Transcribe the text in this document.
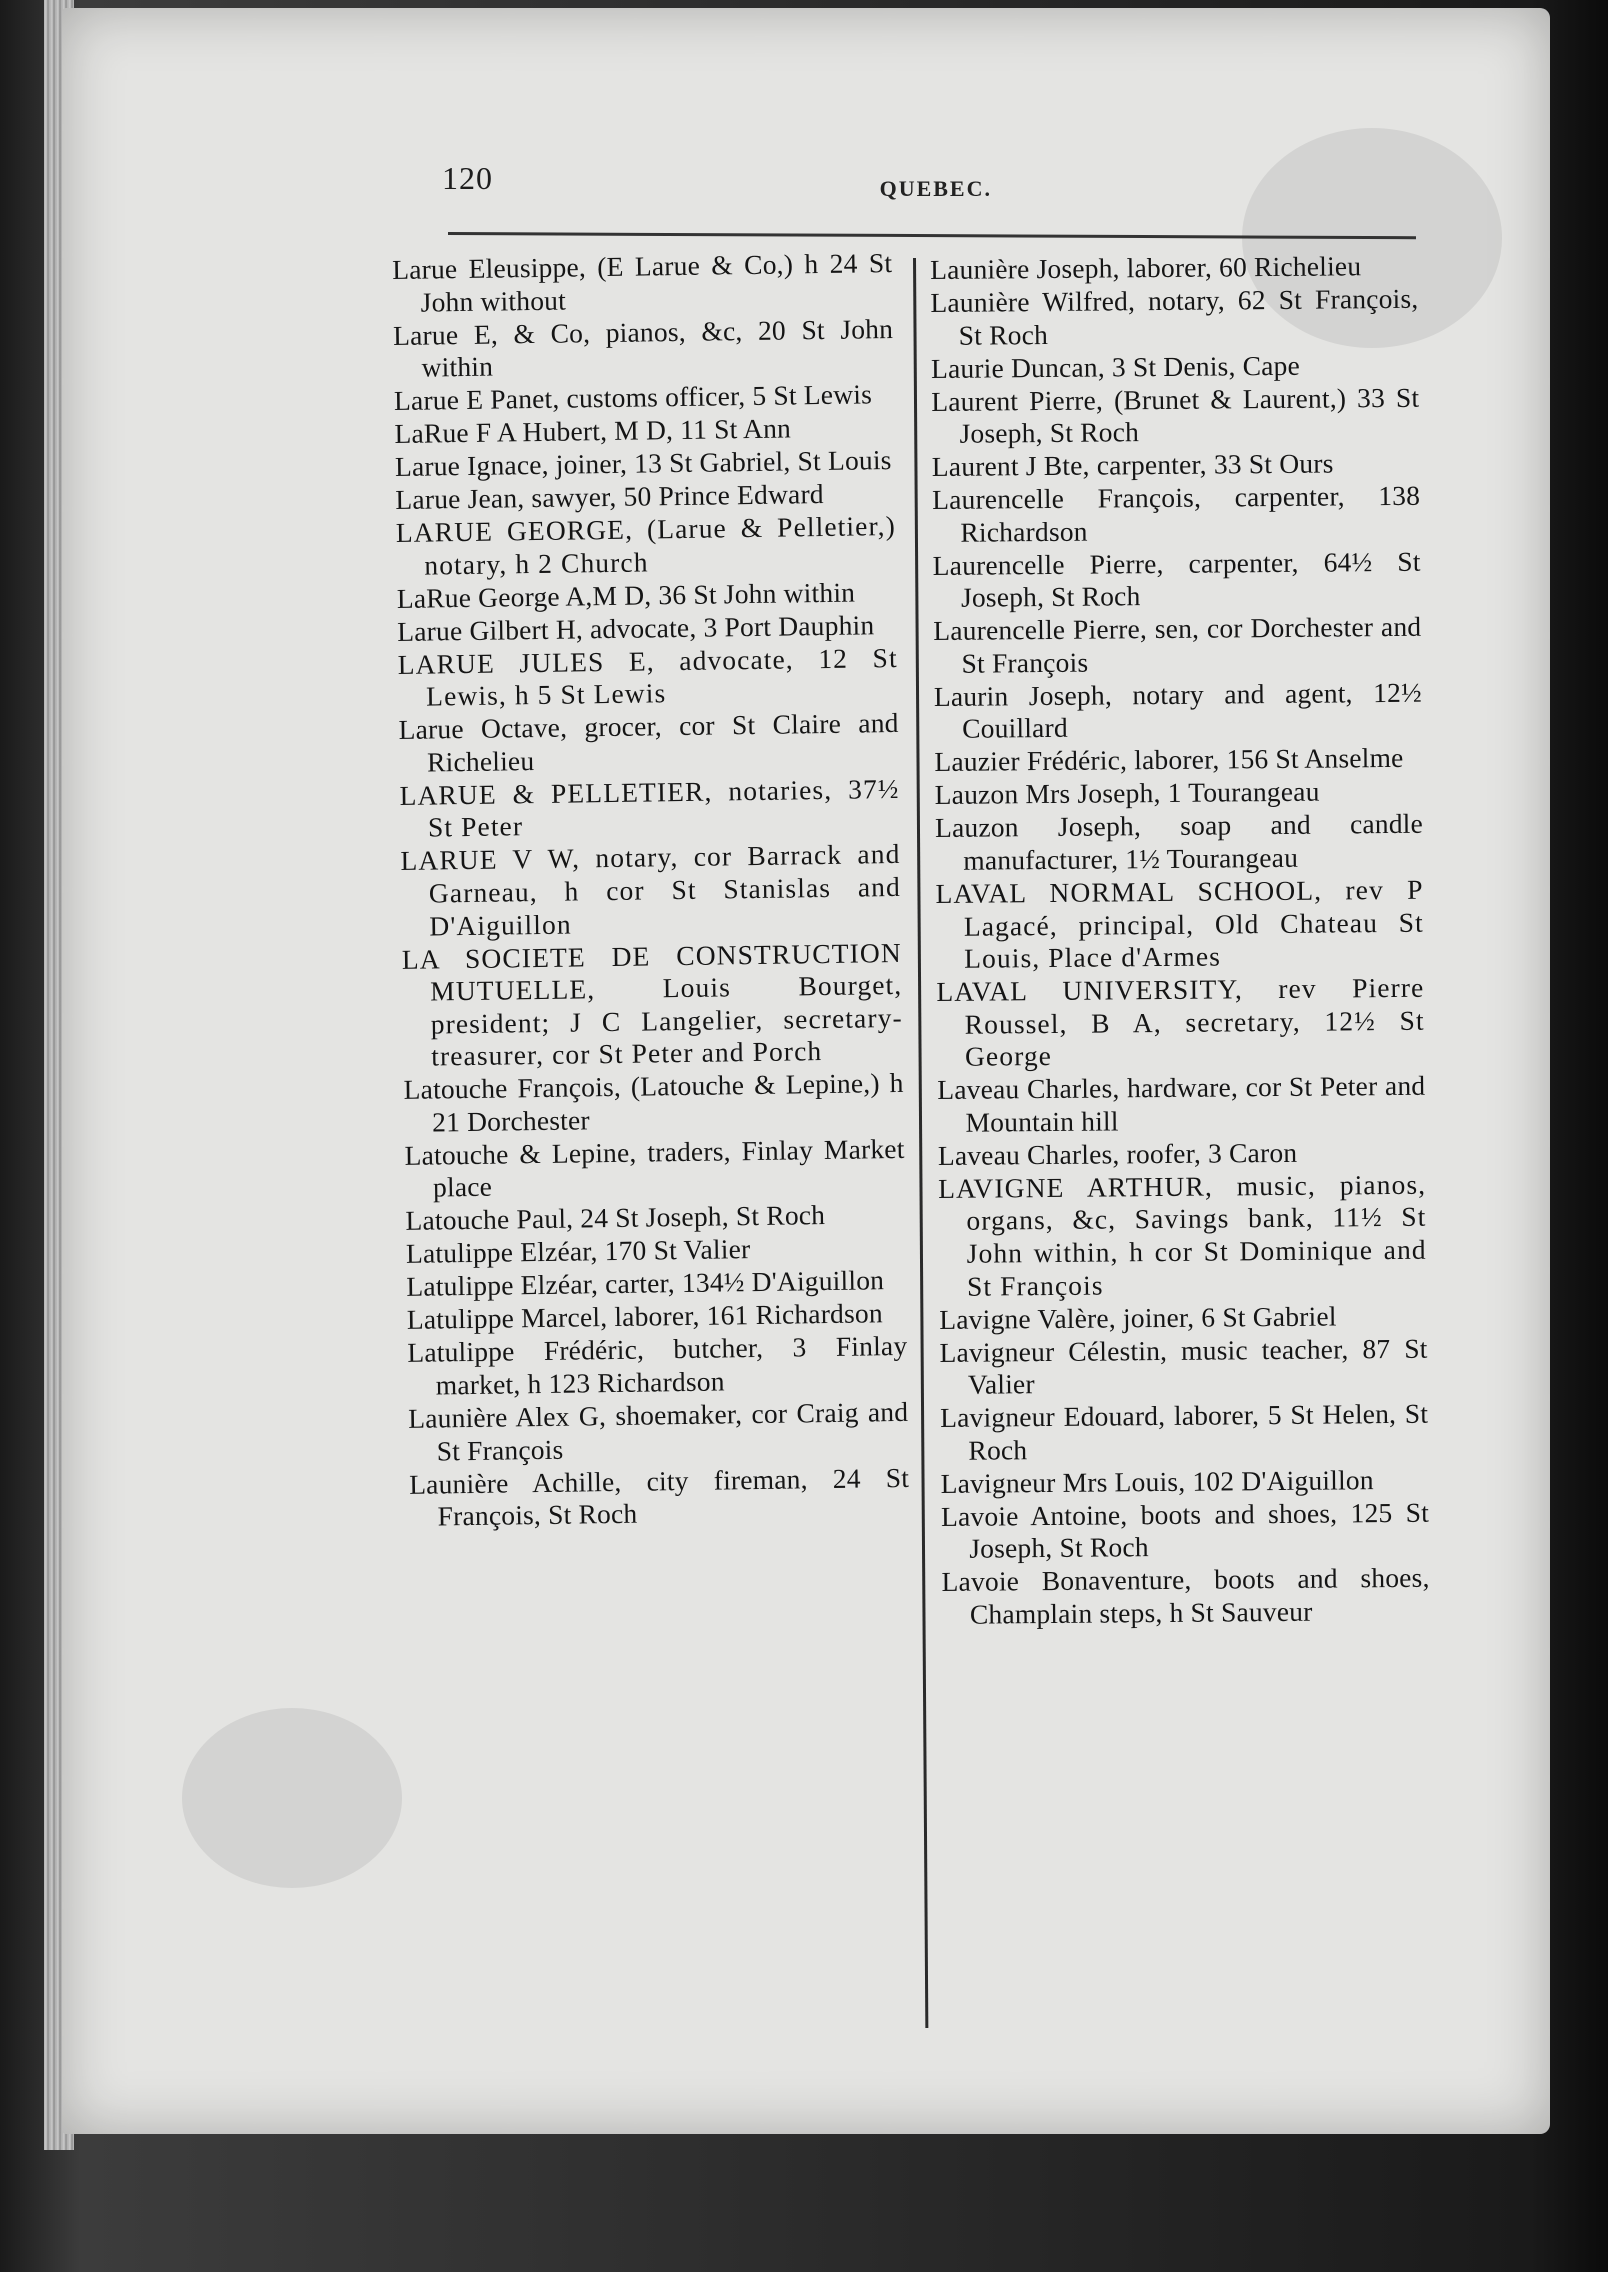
120	QUEBEC.

Larue Eleusippe, (E Larue & Co,) h 24 St John without

Larue E, & Co, pianos, &c, 20 St John within

Larue E Panet, customs officer, 5 St Lewis

LaRue F A Hubert, M D, 11 St Ann

Larue Ignace, joiner, 13 St Gabriel, St Louis

Larue Jean, sawyer, 50 Prince Edward

LARUE GEORGE, (Larue & Pelletier,) notary, h 2 Church

LaRue George A,M D, 36 St John within

Larue Gilbert H, advocate, 3 Port Dauphin

LARUE JULES E, advocate, 12 St Lewis, h 5 St Lewis

Larue Octave, grocer, cor St Claire and Richelieu

LARUE & PELLETIER, notaries, 37½ St Peter

LARUE V W, notary, cor Barrack and Garneau, h cor St Stanislas and D'Aiguillon

LA SOCIETE DE CONSTRUCTION MUTUELLE, Louis Bourget, president; J C Langelier, secretary-treasurer, cor St Peter and Porch

Latouche François, (Latouche & Lepine,) h 21 Dorchester

Latouche & Lepine, traders, Finlay Market place

Latouche Paul, 24 St Joseph, St Roch

Latulippe Elzéar, 170 St Valier

Latulippe Elzéar, carter, 134½ D'Aiguillon

Latulippe Marcel, laborer, 161 Richardson

Latulippe Frédéric, butcher, 3 Finlay market, h 123 Richardson

Launière Alex G, shoemaker, cor Craig and St François

Launière Achille, city fireman, 24 St François, St Roch

Launière Joseph, laborer, 60 Richelieu

Launière Wilfred, notary, 62 St François, St Roch

Laurie Duncan, 3 St Denis, Cape

Laurent Pierre, (Brunet & Laurent,) 33 St Joseph, St Roch

Laurent J Bte, carpenter, 33 St Ours

Laurencelle François, carpenter, 138 Richardson

Laurencelle Pierre, carpenter, 64½ St Joseph, St Roch

Laurencelle Pierre, sen, cor Dorchester and St François

Laurin Joseph, notary and agent, 12½ Couillard

Lauzier Frédéric, laborer, 156 St Anselme

Lauzon Mrs Joseph, 1 Tourangeau

Lauzon Joseph, soap and candle manufacturer, 1½ Tourangeau

LAVAL NORMAL SCHOOL, rev P Lagacé, principal, Old Chateau St Louis, Place d'Armes

LAVAL UNIVERSITY, rev Pierre Roussel, B A, secretary, 12½ St George

Laveau Charles, hardware, cor St Peter and Mountain hill

Laveau Charles, roofer, 3 Caron

LAVIGNE ARTHUR, music, pianos, organs, &c, Savings bank, 11½ St John within, h cor St Dominique and St François

Lavigne Valère, joiner, 6 St Gabriel

Lavigneur Célestin, music teacher, 87 St Valier

Lavigneur Edouard, laborer, 5 St Helen, St Roch

Lavigneur Mrs Louis, 102 D'Aiguillon

Lavoie Antoine, boots and shoes, 125 St Joseph, St Roch

Lavoie Bonaventure, boots and shoes, Champlain steps, h St Sauveur
